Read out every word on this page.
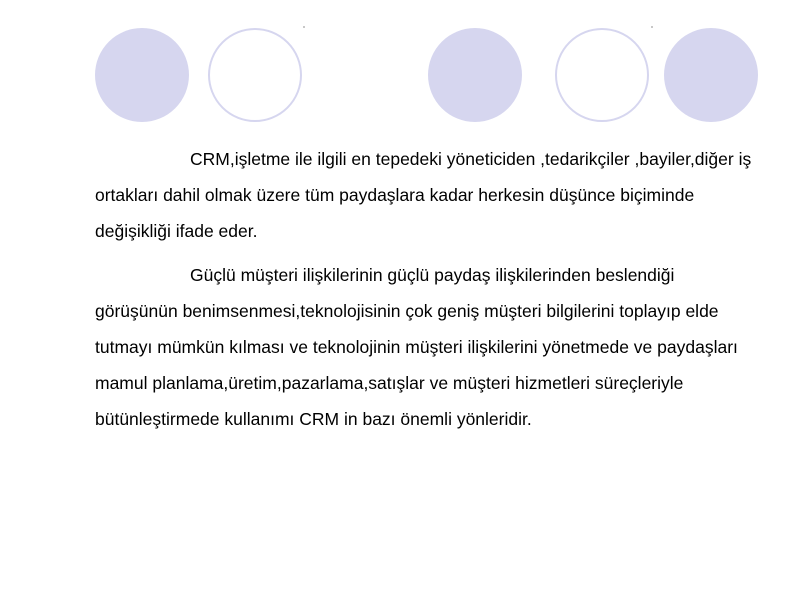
CRM,işletme ile ilgili en tepedeki yöneticiden ,tedarikçiler ,bayiler,diğer iş ortakları dahil olmak üzere tüm paydaşlara kadar herkesin düşünce biçiminde değişikliği ifade eder.

Güçlü müşteri ilişkilerinin güçlü paydaş ilişkilerinden beslendiği görüşünün benimsenmesi,teknolojisinin çok geniş müşteri bilgilerini toplayıp elde tutmayı mümkün kılması ve teknolojinin müşteri ilişkilerini yönetmede ve paydaşları mamul planlama,üretim,pazarlama,satışlar ve müşteri hizmetleri süreçleriyle bütünleştirmede kullanımı CRM in bazı önemli yönleridir.
